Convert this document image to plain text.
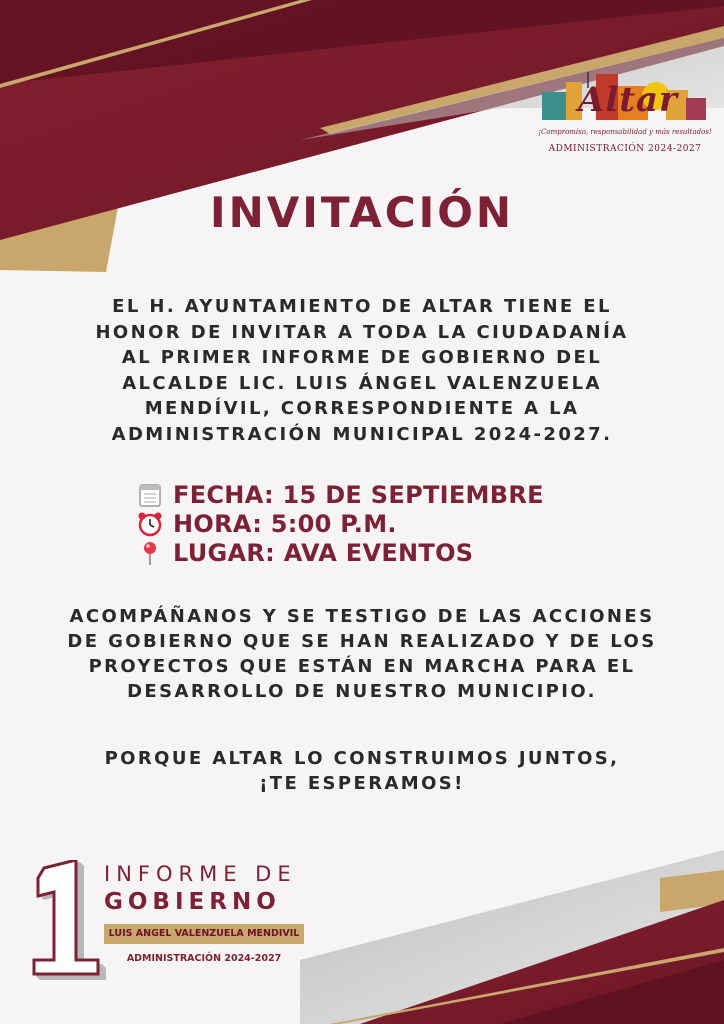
Altar
¡Compromiso, responsabilidad y más resultados!
ADMINISTRACIÓN 2024-2027
INVITACIÓN
EL H. AYUNTAMIENTO DE ALTAR TIENE EL HONOR DE INVITAR A TODA LA CIUDADANÍA AL PRIMER INFORME DE GOBIERNO DEL ALCALDE LIC. LUIS ÁNGEL VALENZUELA MENDÍVIL, CORRESPONDIENTE A LA ADMINISTRACIÓN MUNICIPAL 2024-2027.
FECHA: 15 DE SEPTIEMBRE
HORA: 5:00 P.M.
LUGAR: AVA EVENTOS
ACOMPÁÑANOS Y SE TESTIGO DE LAS ACCIONES DE GOBIERNO QUE SE HAN REALIZADO Y DE LOS PROYECTOS QUE ESTÁN EN MARCHA PARA EL DESARROLLO DE NUESTRO MUNICIPIO.
PORQUE ALTAR LO CONSTRUIMOS JUNTOS,
¡TE ESPERAMOS!
1
INFORME DE
GOBIERNO
LUIS ANGEL VALENZUELA MENDIVIL
ADMINISTRACIÓN 2024-2027
